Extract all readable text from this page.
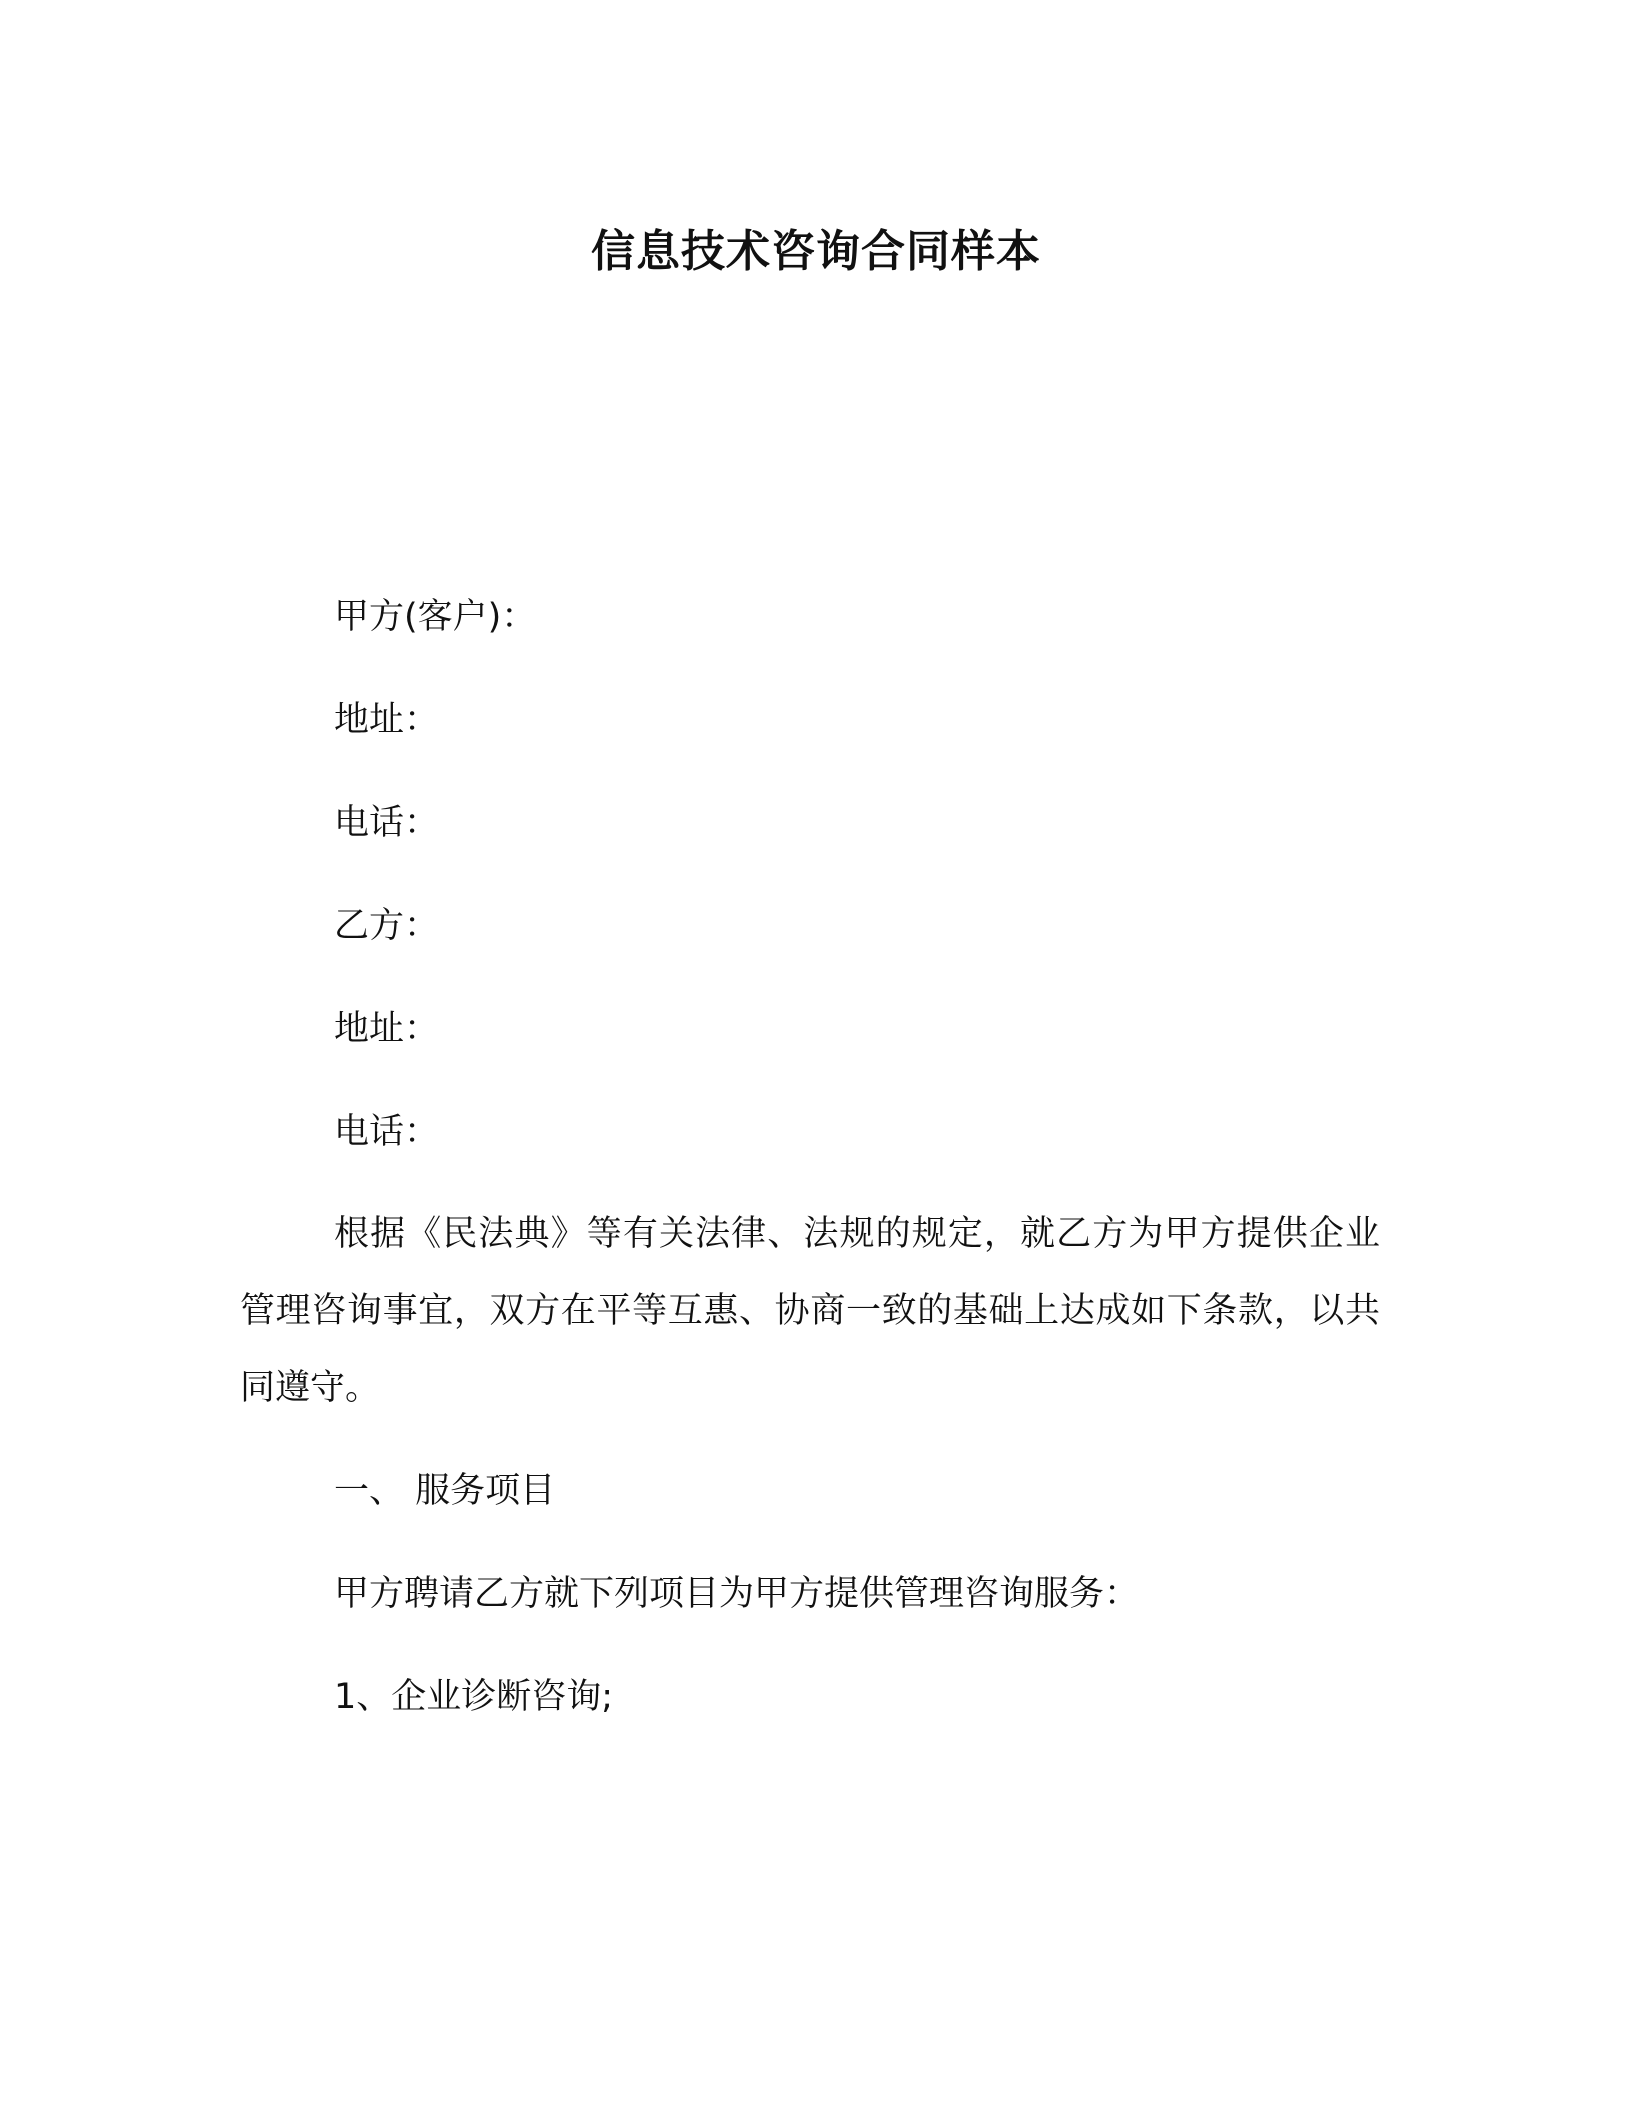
信息技术咨询合同样本

甲方(客户)：

地址：

电话：

乙方：

地址：

电话：

根据《民法典》等有关法律、法规的规定，就乙方为甲方提供企业管理咨询事宜，双方在平等互惠、协商一致的基础上达成如下条款，以共同遵守。

一、 服务项目

甲方聘请乙方就下列项目为甲方提供管理咨询服务：

1、企业诊断咨询;
